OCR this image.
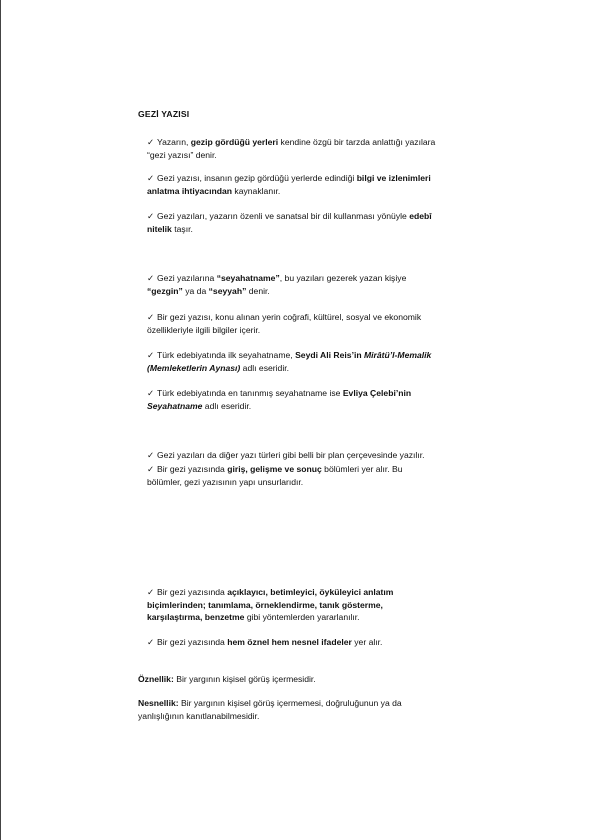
GEZİ YAZISI
✓ Yazarın, gezip gördüğü yerleri kendine özgü bir tarzda anlattığı yazılara
“gezi yazısı” denir.
✓ Gezi yazısı, insanın gezip gördüğü yerlerde edindiği bilgi ve izlenimleri
anlatma ihtiyacından kaynaklanır.
✓ Gezi yazıları, yazarın özenli ve sanatsal bir dil kullanması yönüyle edebî
nitelik taşır.
✓ Gezi yazılarına “seyahatname”, bu yazıları gezerek yazan kişiye
“gezgin” ya da “seyyah” denir.
✓ Bir gezi yazısı, konu alınan yerin coğrafi, kültürel, sosyal ve ekonomik
özellikleriyle ilgili bilgiler içerir.
✓ Türk edebiyatında ilk seyahatname, Seydi Ali Reis’in Mirâtü’l-Memalik
(Memleketlerin Aynası) adlı eseridir.
✓ Türk edebiyatında en tanınmış seyahatname ise Evliya Çelebi’nin
Seyahatname adlı eseridir.
✓ Gezi yazıları da diğer yazı türleri gibi belli bir plan çerçevesinde yazılır.
✓ Bir gezi yazısında giriş, gelişme ve sonuç bölümleri yer alır. Bu
bölümler, gezi yazısının yapı unsurlarıdır.
✓ Bir gezi yazısında açıklayıcı, betimleyici, öyküleyici anlatım
biçimlerinden; tanımlama, örneklendirme, tanık gösterme,
karşılaştırma, benzetme gibi yöntemlerden yararlanılır.
✓ Bir gezi yazısında hem öznel hem nesnel ifadeler yer alır.
Öznellik: Bir yargının kişisel görüş içermesidir.
Nesnellik: Bir yargının kişisel görüş içermemesi, doğruluğunun ya da
yanlışlığının kanıtlanabilmesidir.
